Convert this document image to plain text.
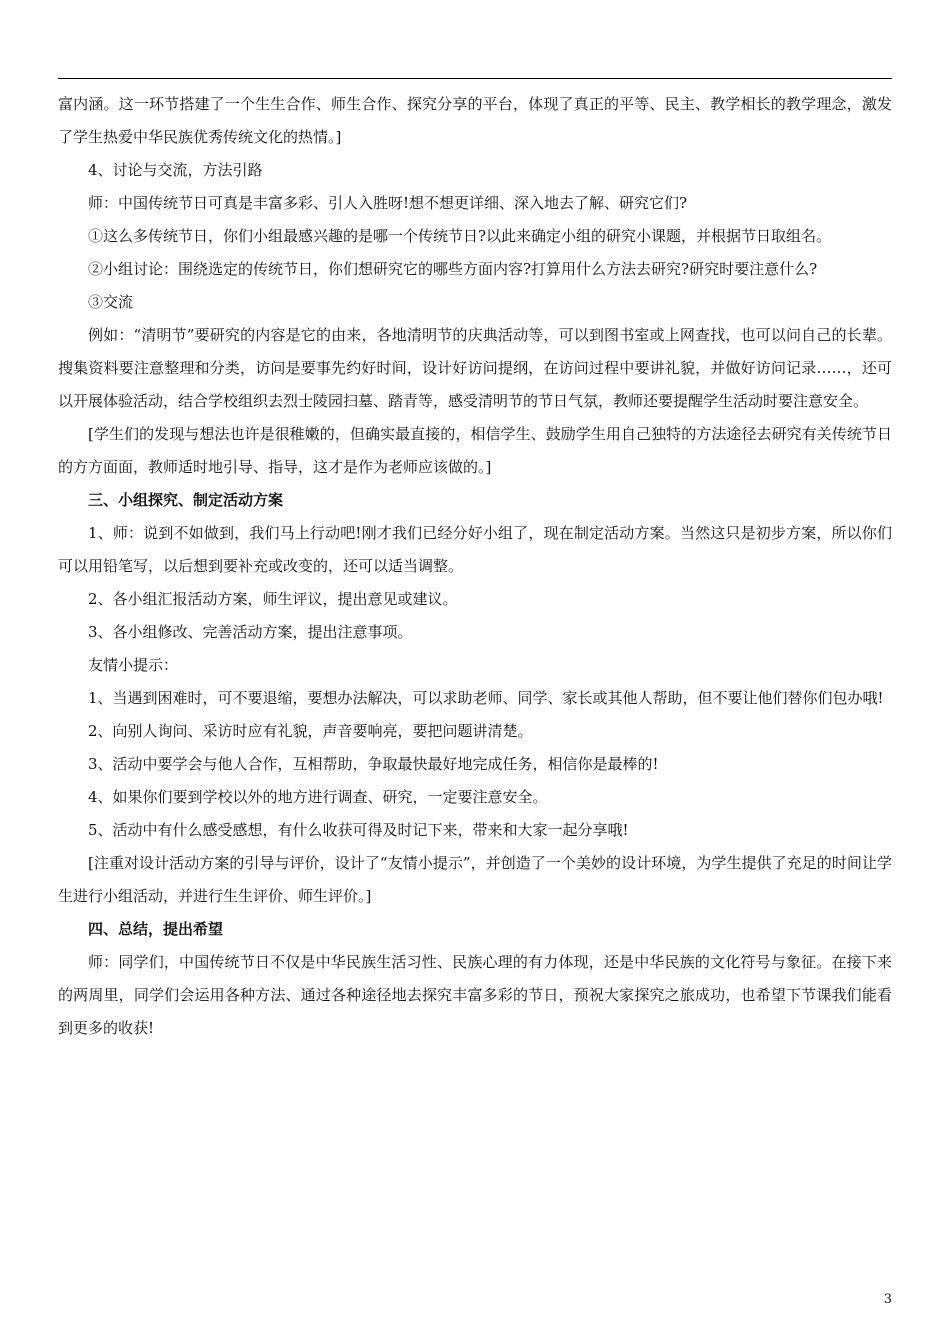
富内涵。这一环节搭建了一个生生合作、师生合作、探究分享的平台，体现了真正的平等、民主、教学相长的教学理念，激发了学生热爱中华民族优秀传统文化的热情。]

4、讨论与交流，方法引路

师：中国传统节日可真是丰富多彩、引人入胜呀!想不想更详细、深入地去了解、研究它们?

①这么多传统节日，你们小组最感兴趣的是哪一个传统节日?以此来确定小组的研究小课题，并根据节日取组名。

②小组讨论：围绕选定的传统节日，你们想研究它的哪些方面内容?打算用什么方法去研究?研究时要注意什么?

③交流

例如：“清明节”要研究的内容是它的由来，各地清明节的庆典活动等，可以到图书室或上网查找，也可以问自己的长辈。搜集资料要注意整理和分类，访问是要事先约好时间，设计好访问提纲，在访问过程中要讲礼貌，并做好访问记录……，还可以开展体验活动，结合学校组织去烈士陵园扫墓、踏青等，感受清明节的节日气氛，教师还要提醒学生活动时要注意安全。

[学生们的发现与想法也许是很稚嫩的，但确实最直接的，相信学生、鼓励学生用自己独特的方法途径去研究有关传统节日的方方面面，教师适时地引导、指导，这才是作为老师应该做的。]

三、小组探究、制定活动方案

1、师：说到不如做到，我们马上行动吧!刚才我们已经分好小组了，现在制定活动方案。当然这只是初步方案，所以你们可以用铅笔写，以后想到要补充或改变的，还可以适当调整。

2、各小组汇报活动方案，师生评议，提出意见或建议。

3、各小组修改、完善活动方案，提出注意事项。

友情小提示：

1、当遇到困难时，可不要退缩，要想办法解决，可以求助老师、同学、家长或其他人帮助，但不要让他们替你们包办哦!

2、向别人询问、采访时应有礼貌，声音要响亮，要把问题讲清楚。

3、活动中要学会与他人合作，互相帮助，争取最快最好地完成任务，相信你是最棒的!

4、如果你们要到学校以外的地方进行调查、研究，一定要注意安全。

5、活动中有什么感受感想，有什么收获可得及时记下来，带来和大家一起分享哦!

[注重对设计活动方案的引导与评价，设计了“友情小提示”，并创造了一个美妙的设计环境，为学生提供了充足的时间让学生进行小组活动，并进行生生评价、师生评价。]

四、总结，提出希望

师：同学们，中国传统节日不仅是中华民族生活习性、民族心理的有力体现，还是中华民族的文化符号与象征。在接下来的两周里，同学们会运用各种方法、通过各种途径地去探究丰富多彩的节日，预祝大家探究之旅成功，也希望下节课我们能看到更多的收获!

3
